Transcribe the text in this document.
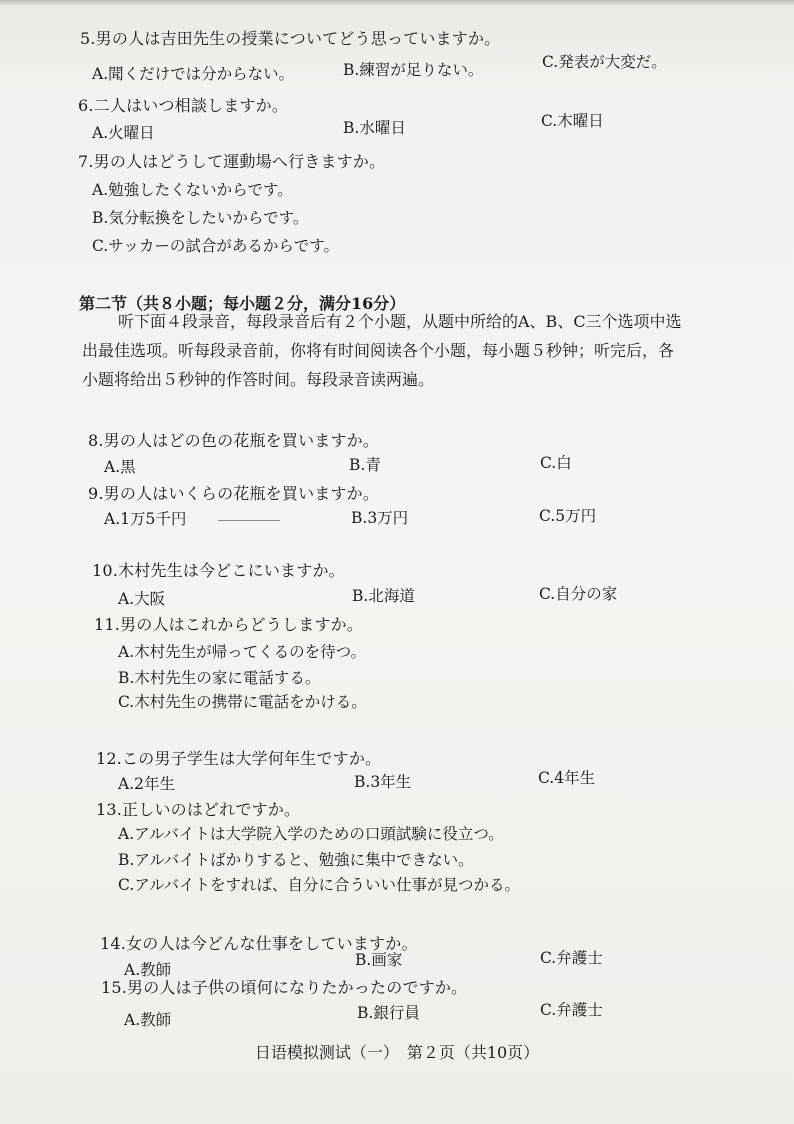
5.男の人は吉田先生の授業についてどう思っていますか。
A.聞くだけでは分からない。	B.練習が足りない。	C.発表が大変だ。
6.二人はいつ相談しますか。
A.火曜日	B.水曜日	C.木曜日
7.男の人はどうして運動場へ行きますか。
A.勉強したくないからです。
B.気分転換をしたいからです。
C.サッカーの試合があるからです。
第二节（共８小题；每小题２分，满分16分）
听下面４段录音，每段录音后有２个小题，从题中所给的A、B、C三个选项中选
出最佳选项。听每段录音前，你将有时间阅读各个小题，每小题５秒钟；听完后，各
小题将给出５秒钟的作答时间。每段录音读两遍。
8.男の人はどの色の花瓶を買いますか。
A.黒	B.青	C.白
9.男の人はいくらの花瓶を買いますか。
A.1万5千円	B.3万円	C.5万円
10.木村先生は今どこにいますか。
A.大阪	B.北海道	C.自分の家
11.男の人はこれからどうしますか。
A.木村先生が帰ってくるのを待つ。
B.木村先生の家に電話する。
C.木村先生の携帯に電話をかける。
12.この男子学生は大学何年生ですか。
A.2年生	B.3年生	C.4年生
13.正しいのはどれですか。
A.アルバイトは大学院入学のための口頭試験に役立つ。
B.アルバイトばかりすると、勉強に集中できない。
C.アルバイトをすれば、自分に合ういい仕事が見つかる。
14.女の人は今どんな仕事をしていますか。
A.教師
B.画家	C.弁護士
15.男の人は子供の頃何になりたかったのですか。
A.教師	B.銀行員	C.弁護士
日语模拟测试（一）　第２页（共10页）
